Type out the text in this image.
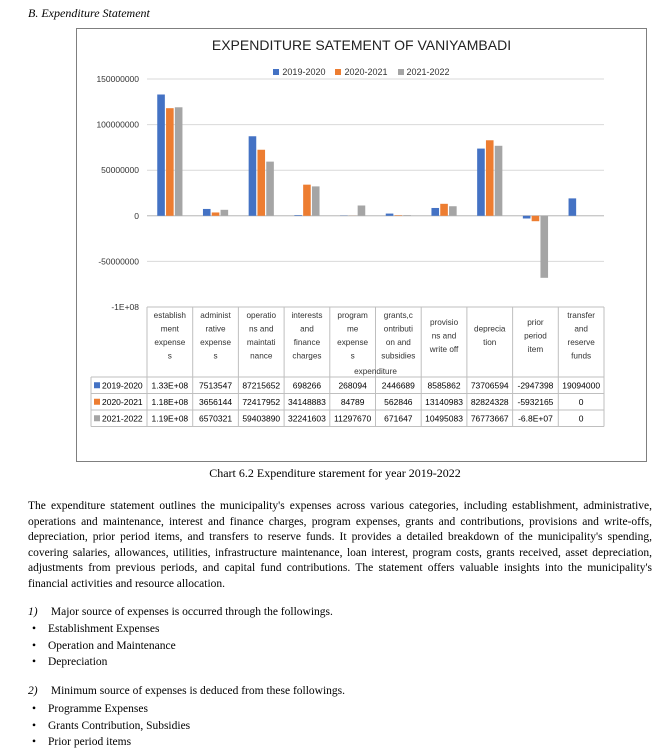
B. Expenditure Statement
EXPENDITURE SATEMENT OF VANIYAMBADI
2019-2020 2020-2021 2021-2022
150000000
100000000
50000000
0
-50000000
-1E+08
establish
ment
expense
s
administ
rative
expense
s
operatio
ns and
maintati
nance
interests
and
finance
charges
program
me
expense
s
grants,c
ontributi
on and
subsidies
provisio
ns and
write off
deprecia
tion
prior
period
item
transfer
and
reserve
funds
expenditure
2019-2020 1.33E+08 7513547 87215652 698266 268094 2446689 8585862 73706594 -2947398 19094000
2020-2021 1.18E+08 3656144 72417952 34148883 84789 562846 13140983 82824328 -5932165	0
2021-2022 1.19E+08 6570321 59403890 32241603 11297670 671647 10495083 76773667 -6.8E+07	0
Chart 6.2 Expenditure starement for year 2019-2022
The expenditure statement outlines the municipality's expenses across various categories, including establishment, administrative, operations and maintenance, interest and finance charges, program expenses, grants and contributions, provisions and write-offs, depreciation, prior period items, and transfers to reserve funds. It provides a detailed breakdown of the municipality's spending, covering salaries, allowances, utilities, infrastructure maintenance, loan interest, program costs, grants received, asset depreciation, adjustments from previous periods, and capital fund contributions. The statement offers valuable insights into the municipality's financial activities and resource allocation.
1) Major source of expenses is occurred through the followings.
• Establishment Expenses
• Operation and Maintenance
• Depreciation
2) Minimum source of expenses is deduced from these followings.
• Programme Expenses
• Grants Contribution, Subsidies
• Prior period items
